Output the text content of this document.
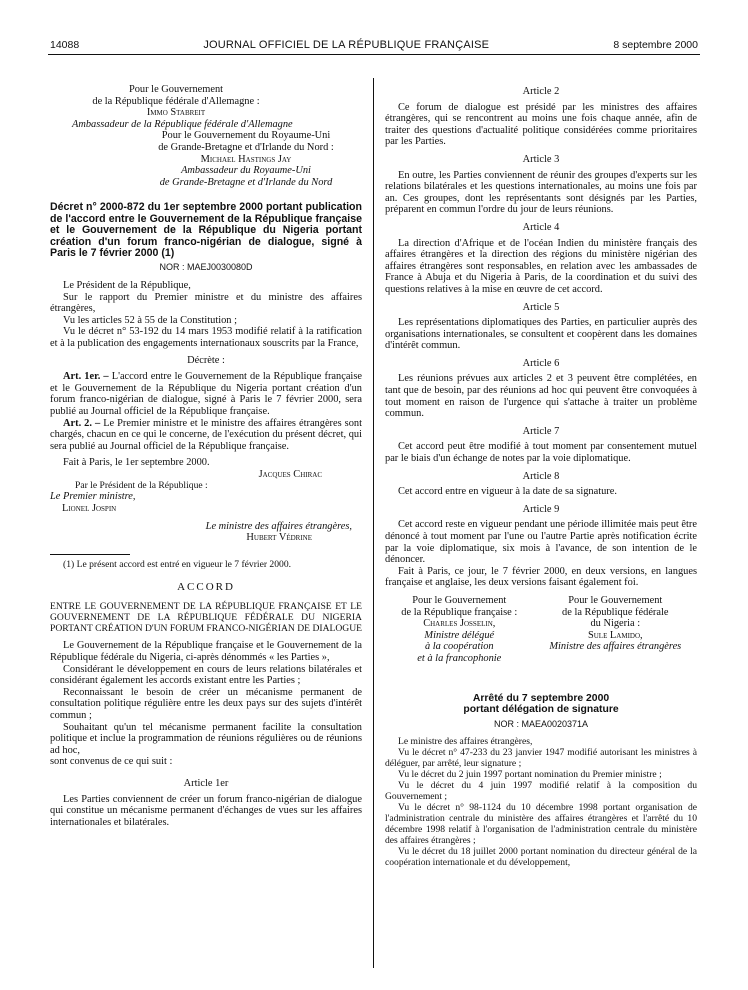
14088	JOURNAL OFFICIEL DE LA RÉPUBLIQUE FRANÇAISE	8 septembre 2000

Pour le Gouvernement

de la République fédérale d'Allemagne :

Immo Stabreit

Ambassadeur de la République fédérale d'Allemagne

Pour le Gouvernement du Royaume-Uni

de Grande-Bretagne et d'Irlande du Nord :

Michael Hastings Jay

Ambassadeur du Royaume-Uni

de Grande-Bretagne et d'Irlande du Nord

Décret n° 2000-872 du 1er septembre 2000 portant publication de l'accord entre le Gouvernement de la République française et le Gouvernement de la République du Nigeria portant création d'un forum franco-nigérian de dialogue, signé à Paris le 7 février 2000 (1)

NOR : MAEJ0030080D

Le Président de la République,

Sur le rapport du Premier ministre et du ministre des affaires étrangères,

Vu les articles 52 à 55 de la Constitution ;

Vu le décret n° 53-192 du 14 mars 1953 modifié relatif à la ratification et à la publication des engagements internationaux souscrits par la France,

Décrète :

Art. 1er. – L'accord entre le Gouvernement de la République française et le Gouvernement de la République du Nigeria portant création d'un forum franco-nigérian de dialogue, signé à Paris le 7 février 2000, sera publié au Journal officiel de la République française.

Art. 2. – Le Premier ministre et le ministre des affaires étrangères sont chargés, chacun en ce qui le concerne, de l'exécution du présent décret, qui sera publié au Journal officiel de la République française.

Fait à Paris, le 1er septembre 2000.

Jacques Chirac

Par le Président de la République :

Le Premier ministre,

Lionel Jospin

Le ministre des affaires étrangères,

Hubert Védrine

(1) Le présent accord est entré en vigueur le 7 février 2000.

ACCORD

ENTRE LE GOUVERNEMENT DE LA RÉPUBLIQUE FRANÇAISE ET LE GOUVERNEMENT DE LA RÉPUBLIQUE FÉDÉRALE DU NIGERIA PORTANT CRÉATION D'UN FORUM FRANCO-NIGÉRIAN DE DIALOGUE

Le Gouvernement de la République française et le Gouvernement de la République fédérale du Nigeria, ci-après dénommés « les Parties »,

Considérant le développement en cours de leurs relations bilatérales et considérant également les accords existant entre les Parties ;

Reconnaissant le besoin de créer un mécanisme permanent de consultation politique régulière entre les deux pays sur des sujets d'intérêt commun ;

Souhaitant qu'un tel mécanisme permanent facilite la consultation politique et inclue la programmation de réunions régulières ou de réunions ad hoc,

sont convenus de ce qui suit :

Article 1er

Les Parties conviennent de créer un forum franco-nigérian de dialogue qui constitue un mécanisme permanent d'échanges de vues sur les affaires internationales et bilatérales.

Article 2

Ce forum de dialogue est présidé par les ministres des affaires étrangères, qui se rencontrent au moins une fois chaque année, afin de traiter des questions d'actualité politique considérées comme prioritaires par les Parties.

Article 3

En outre, les Parties conviennent de réunir des groupes d'experts sur les relations bilatérales et les questions internationales, au moins une fois par an. Ces groupes, dont les représentants sont désignés par les Parties, préparent en commun l'ordre du jour de leurs réunions.

Article 4

La direction d'Afrique et de l'océan Indien du ministère français des affaires étrangères et la direction des régions du ministère nigérian des affaires étrangères sont responsables, en relation avec les ambassades de France à Abuja et du Nigeria à Paris, de la coordination et du suivi des questions relatives à la mise en œuvre de cet accord.

Article 5

Les représentations diplomatiques des Parties, en particulier auprès des organisations internationales, se consultent et coopèrent dans les domaines d'intérêt commun.

Article 6

Les réunions prévues aux articles 2 et 3 peuvent être complétées, en tant que de besoin, par des réunions ad hoc qui peuvent être convoquées à tout moment en raison de l'urgence qui s'attache à traiter un problème commun.

Article 7

Cet accord peut être modifié à tout moment par consentement mutuel par le biais d'un échange de notes par la voie diplomatique.

Article 8

Cet accord entre en vigueur à la date de sa signature.

Article 9

Cet accord reste en vigueur pendant une période illimitée mais peut être dénoncé à tout moment par l'une ou l'autre Partie après notification écrite par la voie diplomatique, six mois à l'avance, de son intention de le dénoncer.

Fait à Paris, ce jour, le 7 février 2000, en deux versions, en langues française et anglaise, les deux versions faisant également foi.

Pour le Gouvernement

de la République française :

Charles Josselin,

Ministre délégué

à la coopération

et à la francophonie

Pour le Gouvernement

de la République fédérale

du Nigeria :

Sule Lamido,

Ministre des affaires étrangères

Arrêté du 7 septembre 2000

portant délégation de signature

NOR : MAEA0020371A

Le ministre des affaires étrangères,

Vu le décret n° 47-233 du 23 janvier 1947 modifié autorisant les ministres à déléguer, par arrêté, leur signature ;

Vu le décret du 2 juin 1997 portant nomination du Premier ministre ;

Vu le décret du 4 juin 1997 modifié relatif à la composition du Gouvernement ;

Vu le décret n° 98-1124 du 10 décembre 1998 portant organisation de l'administration centrale du ministère des affaires étrangères et l'arrêté du 10 décembre 1998 relatif à l'organisation de l'administration centrale du ministère des affaires étrangères ;

Vu le décret du 18 juillet 2000 portant nomination du directeur général de la coopération internationale et du développement,
